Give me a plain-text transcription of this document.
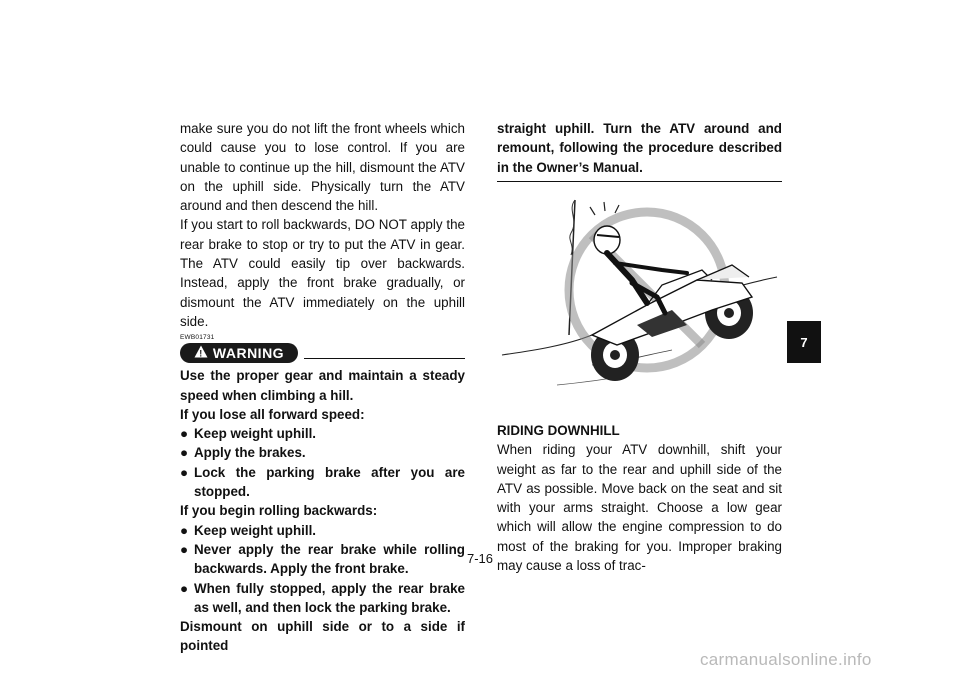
make sure you do not lift the front wheels which could cause you to lose control. If you are unable to continue up the hill, dismount the ATV on the uphill side. Physically turn the ATV around and then descend the hill.
If you start to roll backwards, DO NOT apply the rear brake to stop or try to put the ATV in gear. The ATV could easily tip over backwards. Instead, apply the front brake gradually, or dismount the ATV immediately on the uphill side.
EWB01731
! WARNING
Use the proper gear and maintain a steady speed when climbing a hill.
If you lose all forward speed:
● Keep weight uphill.
● Apply the brakes.
● Lock the parking brake after you are stopped.
If you begin rolling backwards:
● Keep weight uphill.
● Never apply the rear brake while rolling backwards. Apply the front brake.
● When fully stopped, apply the rear brake as well, and then lock the parking brake.
Dismount on uphill side or to a side if pointed
straight uphill. Turn the ATV around and remount, following the procedure described in the Owner’s Manual.
RIDING DOWNHILL
When riding your ATV downhill, shift your weight as far to the rear and uphill side of the ATV as possible. Move back on the seat and sit with your arms straight. Choose a low gear which will allow the engine compression to do most of the braking for you. Improper braking may cause a loss of trac-
7
7-16
carmanualsonline.info
